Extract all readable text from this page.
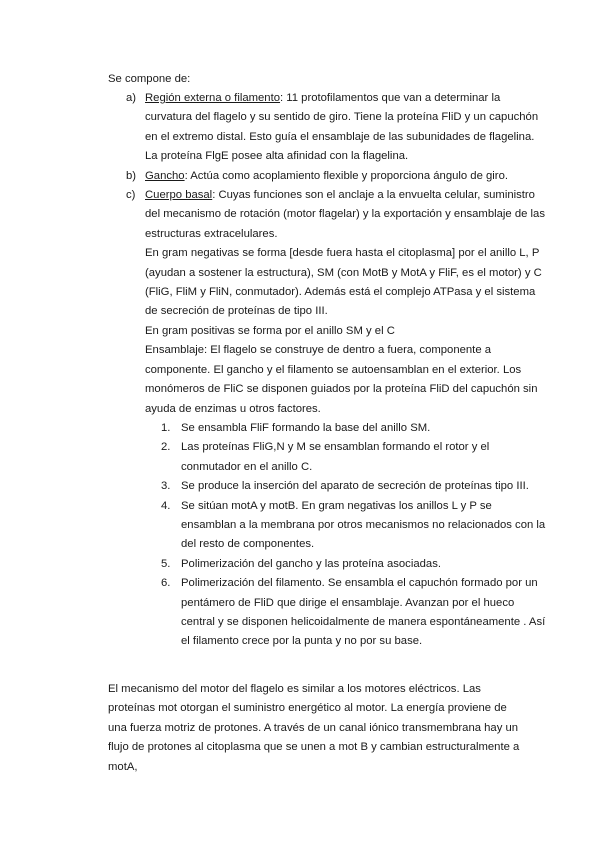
Se compone de:

a) Región externa o filamento: 11 protofilamentos que van a determinar la curvatura del flagelo y su sentido de giro. Tiene la proteína FliD y un capuchón en el extremo distal. Esto guía el ensamblaje de las subunidades de flagelina. La proteína FlgE posee alta afinidad con la flagelina.

b) Gancho: Actúa como acoplamiento flexible y proporciona ángulo de giro.

c) Cuerpo basal: Cuyas funciones son el anclaje a la envuelta celular, suministro del mecanismo de rotación (motor flagelar) y la exportación y ensamblaje de las estructuras extracelulares.

En gram negativas se forma [desde fuera hasta el citoplasma] por el anillo L, P (ayudan a sostener la estructura), SM (con MotB y MotA y FliF, es el motor) y C (FliG, FliM y FliN, conmutador). Además está el complejo ATPasa y el sistema de secreción de proteínas de tipo III.

En gram positivas se forma por el anillo SM y el C

Ensamblaje: El flagelo se construye de dentro a fuera, componente a componente. El gancho y el filamento se autoensamblan en el exterior. Los monómeros de FliC se disponen guiados por la proteína FliD del capuchón sin ayuda de enzimas u otros factores.

1. Se ensambla FliF formando la base del anillo SM.

2. Las proteínas FliG,N y M se ensamblan formando el rotor y el conmutador en el anillo C.

3. Se produce la inserción del aparato de secreción de proteínas tipo III.

4. Se sitúan motA y motB. En gram negativas los anillos L y P se ensamblan a la membrana por otros mecanismos no relacionados con la del resto de componentes.

5. Polimerización del gancho y las proteína asociadas.

6. Polimerización del filamento. Se ensambla el capuchón formado por un pentámero de FliD que dirige el ensamblaje. Avanzan por el hueco central y se disponen helicoidalmente de manera espontáneamente . Así el filamento crece por la punta y no por su base.

El mecanismo del motor del flagelo es similar a los motores eléctricos. Las proteínas mot otorgan el suministro energético al motor. La energía proviene de una fuerza motriz de protones. A través de un canal iónico transmembrana hay un flujo de protones al citoplasma que se unen a mot B y cambian estructuralmente a motA,
